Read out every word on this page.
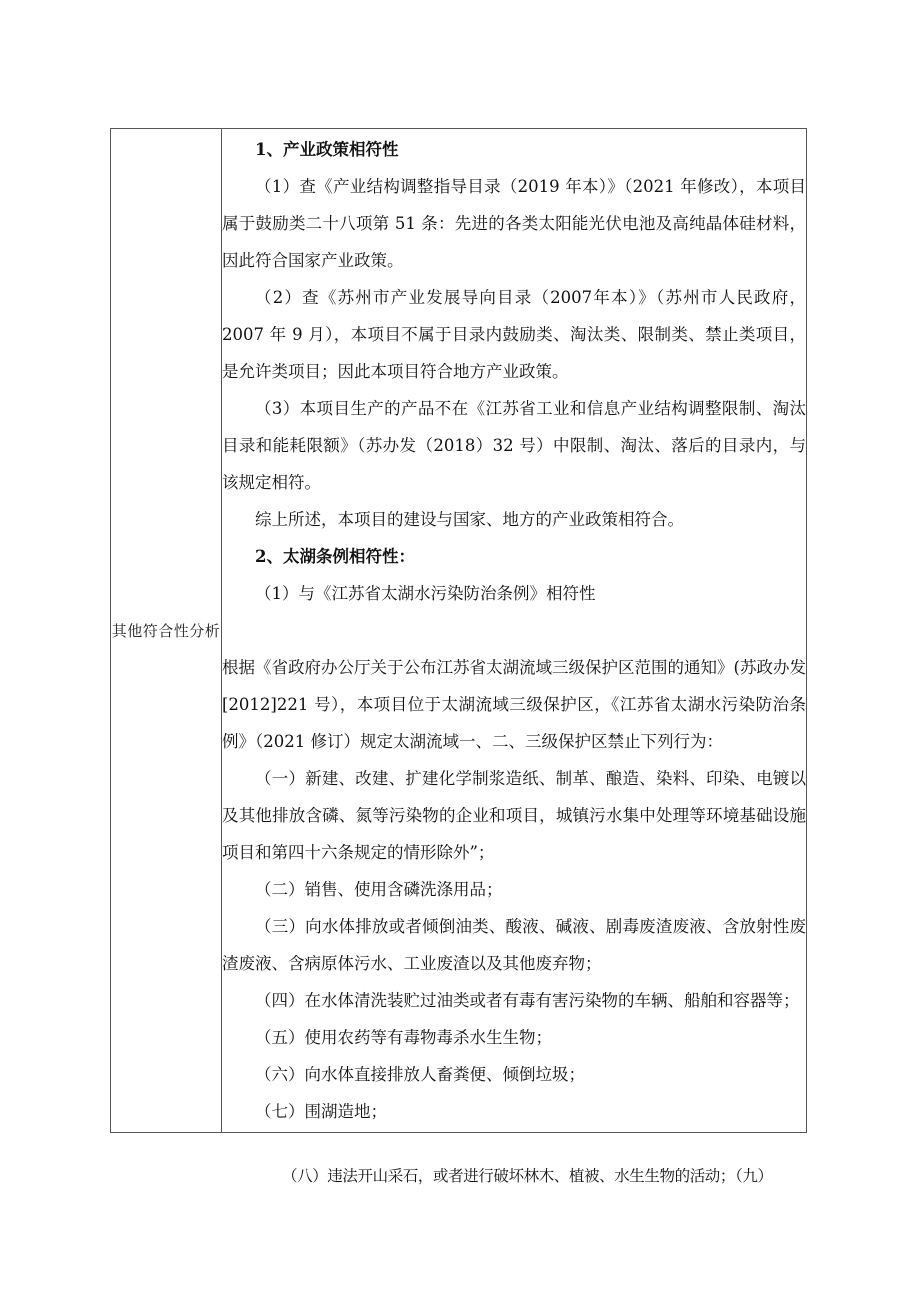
其他符合性分析	

1、产业政策相符性

（1）查《产业结构调整指导目录（2019 年本）》（2021 年修改），本项目属于鼓励类二十八项第 51 条：先进的各类太阳能光伏电池及高纯晶体硅材料，因此符合国家产业政策。

（2）查《苏州市产业发展导向目录（2007年本）》（苏州市人民政府，2007 年 9 月），本项目不属于目录内鼓励类、淘汰类、限制类、禁止类项目，是允许类项目；因此本项目符合地方产业政策。

（3）本项目生产的产品不在《江苏省工业和信息产业结构调整限制、淘汰目录和能耗限额》（苏办发（2018）32 号）中限制、淘汰、落后的目录内，与该规定相符。

综上所述，本项目的建设与国家、地方的产业政策相符合。

2、太湖条例相符性：

（1）与《江苏省太湖水污染防治条例》相符性

根据《省政府办公厅关于公布江苏省太湖流域三级保护区范围的通知》(苏政办发[2012]221 号），本项目位于太湖流域三级保护区，《江苏省太湖水污染防治条例》（2021 修订）规定太湖流域一、二、三级保护区禁止下列行为：

（一）新建、改建、扩建化学制浆造纸、制革、酿造、染料、印染、电镀以及其他排放含磷、氮等污染物的企业和项目，城镇污水集中处理等环境基础设施项目和第四十六条规定的情形除外”；

（二）销售、使用含磷洗涤用品；

（三）向水体排放或者倾倒油类、酸液、碱液、剧毒废渣废液、含放射性废渣废液、含病原体污水、工业废渣以及其他废弃物；

（四）在水体清洗装贮过油类或者有毒有害污染物的车辆、船舶和容器等；

（五）使用农药等有毒物毒杀水生生物；

（六）向水体直接排放人畜粪便、倾倒垃圾；

（七）围湖造地；

（八）违法开山采石，或者进行破坏林木、植被、水生生物的活动；（九）
